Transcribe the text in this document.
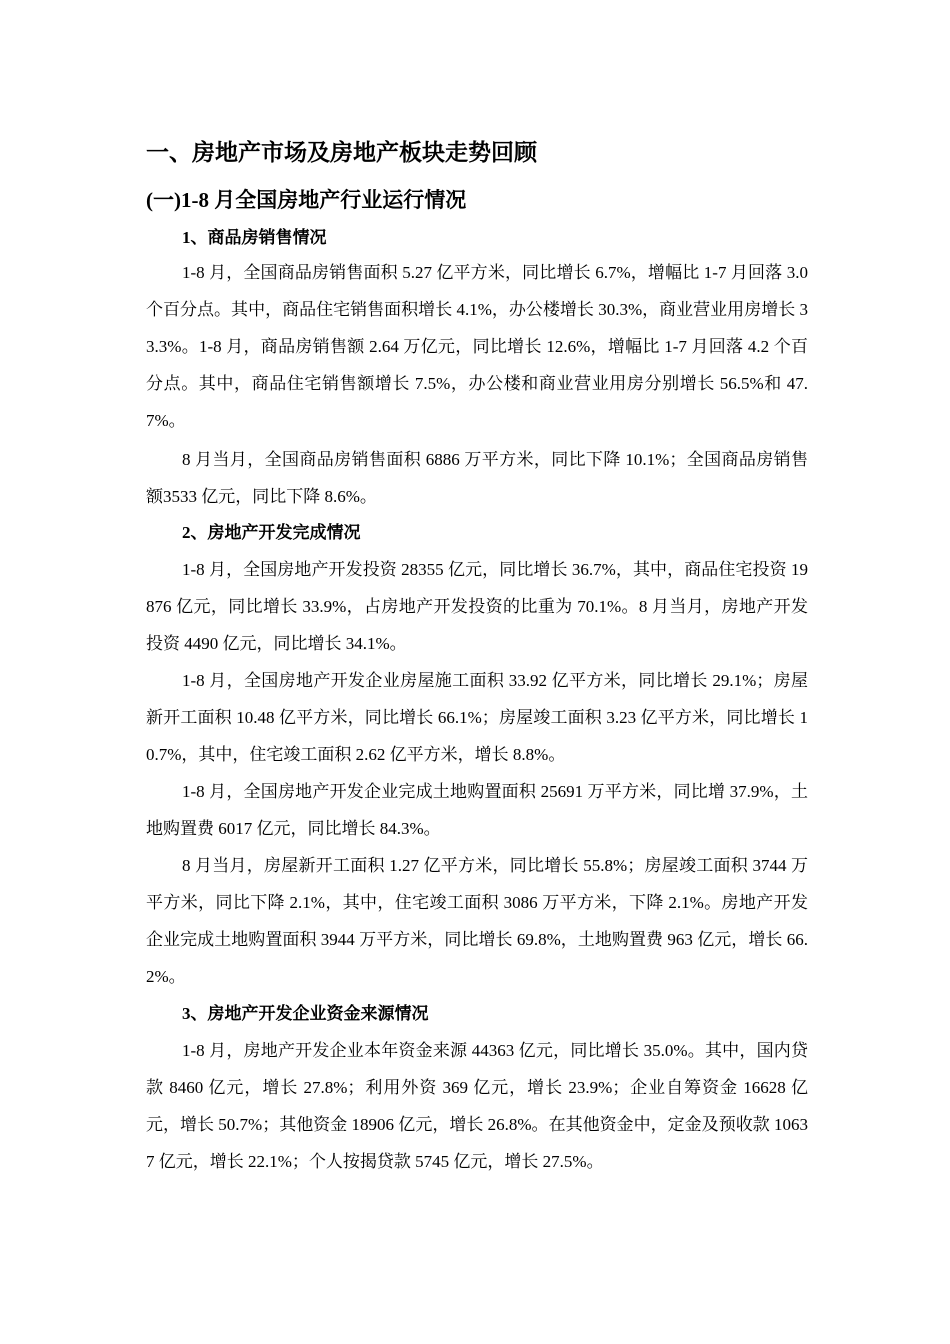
一、房地产市场及房地产板块走势回顾
(一)1-8 月全国房地产行业运行情况
1、商品房销售情况
1-8 月，全国商品房销售面积 5.27 亿平方米，同比增长 6.7%，增幅比 1-7 月回落 3.0 个百分点。其中，商品住宅销售面积增长 4.1%，办公楼增长 30.3%，商业营业用房增长 33.3%。1-8 月，商品房销售额 2.64 万亿元，同比增长 12.6%，增幅比 1-7 月回落 4.2 个百分点。其中，商品住宅销售额增长 7.5%，办公楼和商业营业用房分别增长 56.5%和 47.7%。
8 月当月，全国商品房销售面积 6886 万平方米，同比下降 10.1%；全国商品房销售额3533 亿元，同比下降 8.6%。
2、房地产开发完成情况
1-8 月，全国房地产开发投资 28355 亿元，同比增长 36.7%，其中，商品住宅投资 19876 亿元，同比增长 33.9%，占房地产开发投资的比重为 70.1%。8 月当月，房地产开发投资 4490 亿元，同比增长 34.1%。
1-8 月，全国房地产开发企业房屋施工面积 33.92 亿平方米，同比增长 29.1%；房屋新开工面积 10.48 亿平方米，同比增长 66.1%；房屋竣工面积 3.23 亿平方米，同比增长 10.7%，其中，住宅竣工面积 2.62 亿平方米，增长 8.8%。
1-8 月，全国房地产开发企业完成土地购置面积 25691 万平方米，同比增 37.9%，土地购置费 6017 亿元，同比增长 84.3%。
8 月当月，房屋新开工面积 1.27 亿平方米，同比增长 55.8%；房屋竣工面积 3744 万平方米，同比下降 2.1%，其中，住宅竣工面积 3086 万平方米，下降 2.1%。房地产开发企业完成土地购置面积 3944 万平方米，同比增长 69.8%，土地购置费 963 亿元，增长 66.2%。
3、房地产开发企业资金来源情况
1-8 月，房地产开发企业本年资金来源 44363 亿元，同比增长 35.0%。其中，国内贷款 8460 亿元，增长 27.8%；利用外资 369 亿元，增长 23.9%；企业自筹资金 16628 亿元，增长 50.7%；其他资金 18906 亿元，增长 26.8%。在其他资金中，定金及预收款 10637 亿元，增长 22.1%；个人按揭贷款 5745 亿元，增长 27.5%。
